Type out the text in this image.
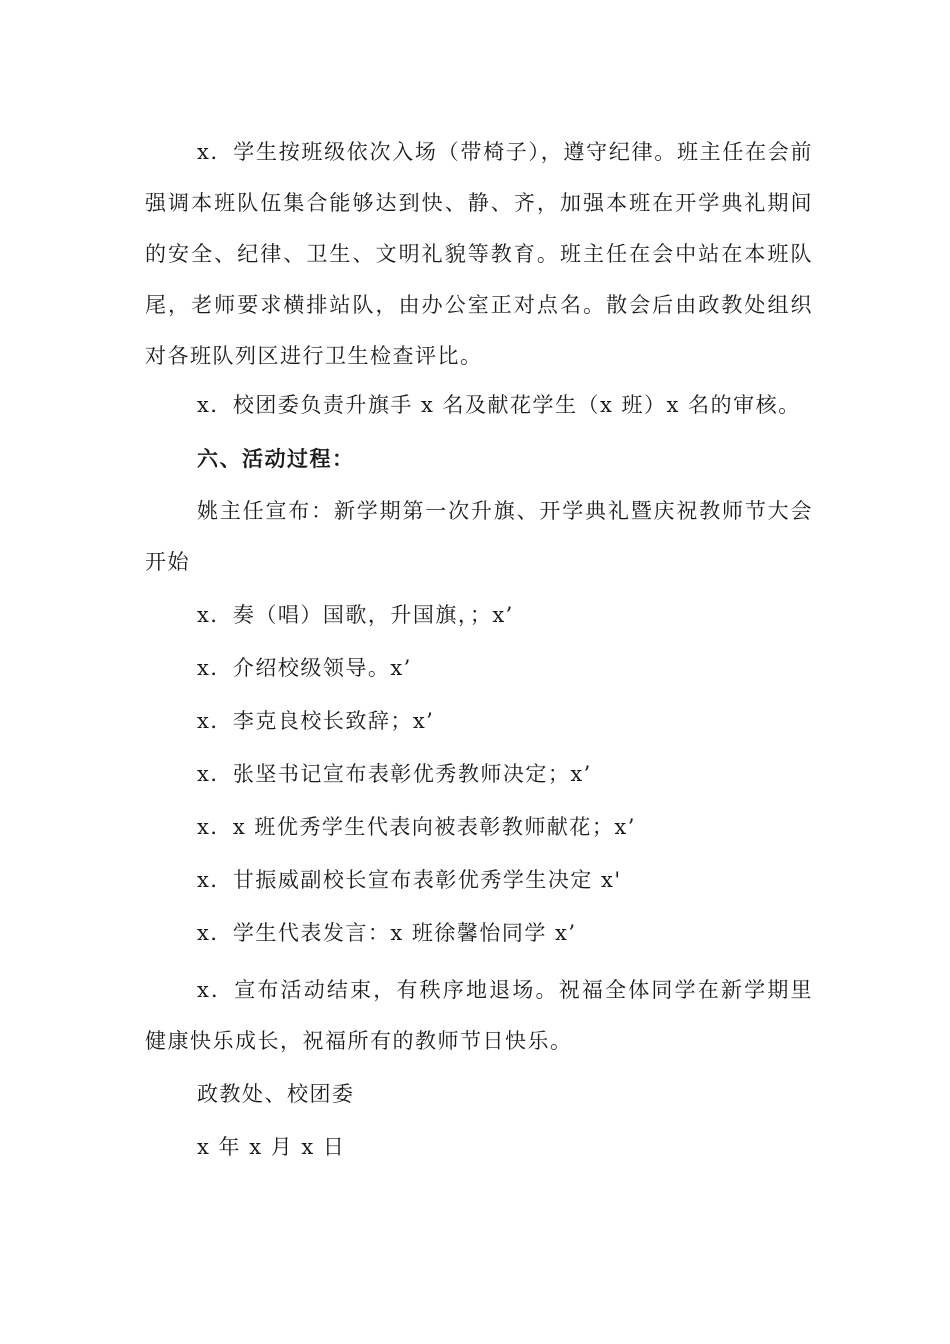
x．学生按班级依次入场（带椅子），遵守纪律。班主任在会前强调本班队伍集合能够达到快、静、齐，加强本班在开学典礼期间的安全、纪律、卫生、文明礼貌等教育。班主任在会中站在本班队尾，老师要求横排站队，由办公室正对点名。散会后由政教处组织对各班队列区进行卫生检查评比。
x．校团委负责升旗手 x 名及献花学生（x 班）x 名的审核。
六、活动过程：
姚主任宣布：新学期第一次升旗、开学典礼暨庆祝教师节大会开始
x．奏（唱）国歌，升国旗，；x’
x．介绍校级领导。x’
x．李克良校长致辞；x’
x．张坚书记宣布表彰优秀教师决定；x’
x．x 班优秀学生代表向被表彰教师献花；x’
x．甘振威副校长宣布表彰优秀学生决定 x'
x．学生代表发言：x 班徐馨怡同学 x’
x．宣布活动结束，有秩序地退场。祝福全体同学在新学期里健康快乐成长，祝福所有的教师节日快乐。
政教处、校团委
x 年 x 月 x 日
